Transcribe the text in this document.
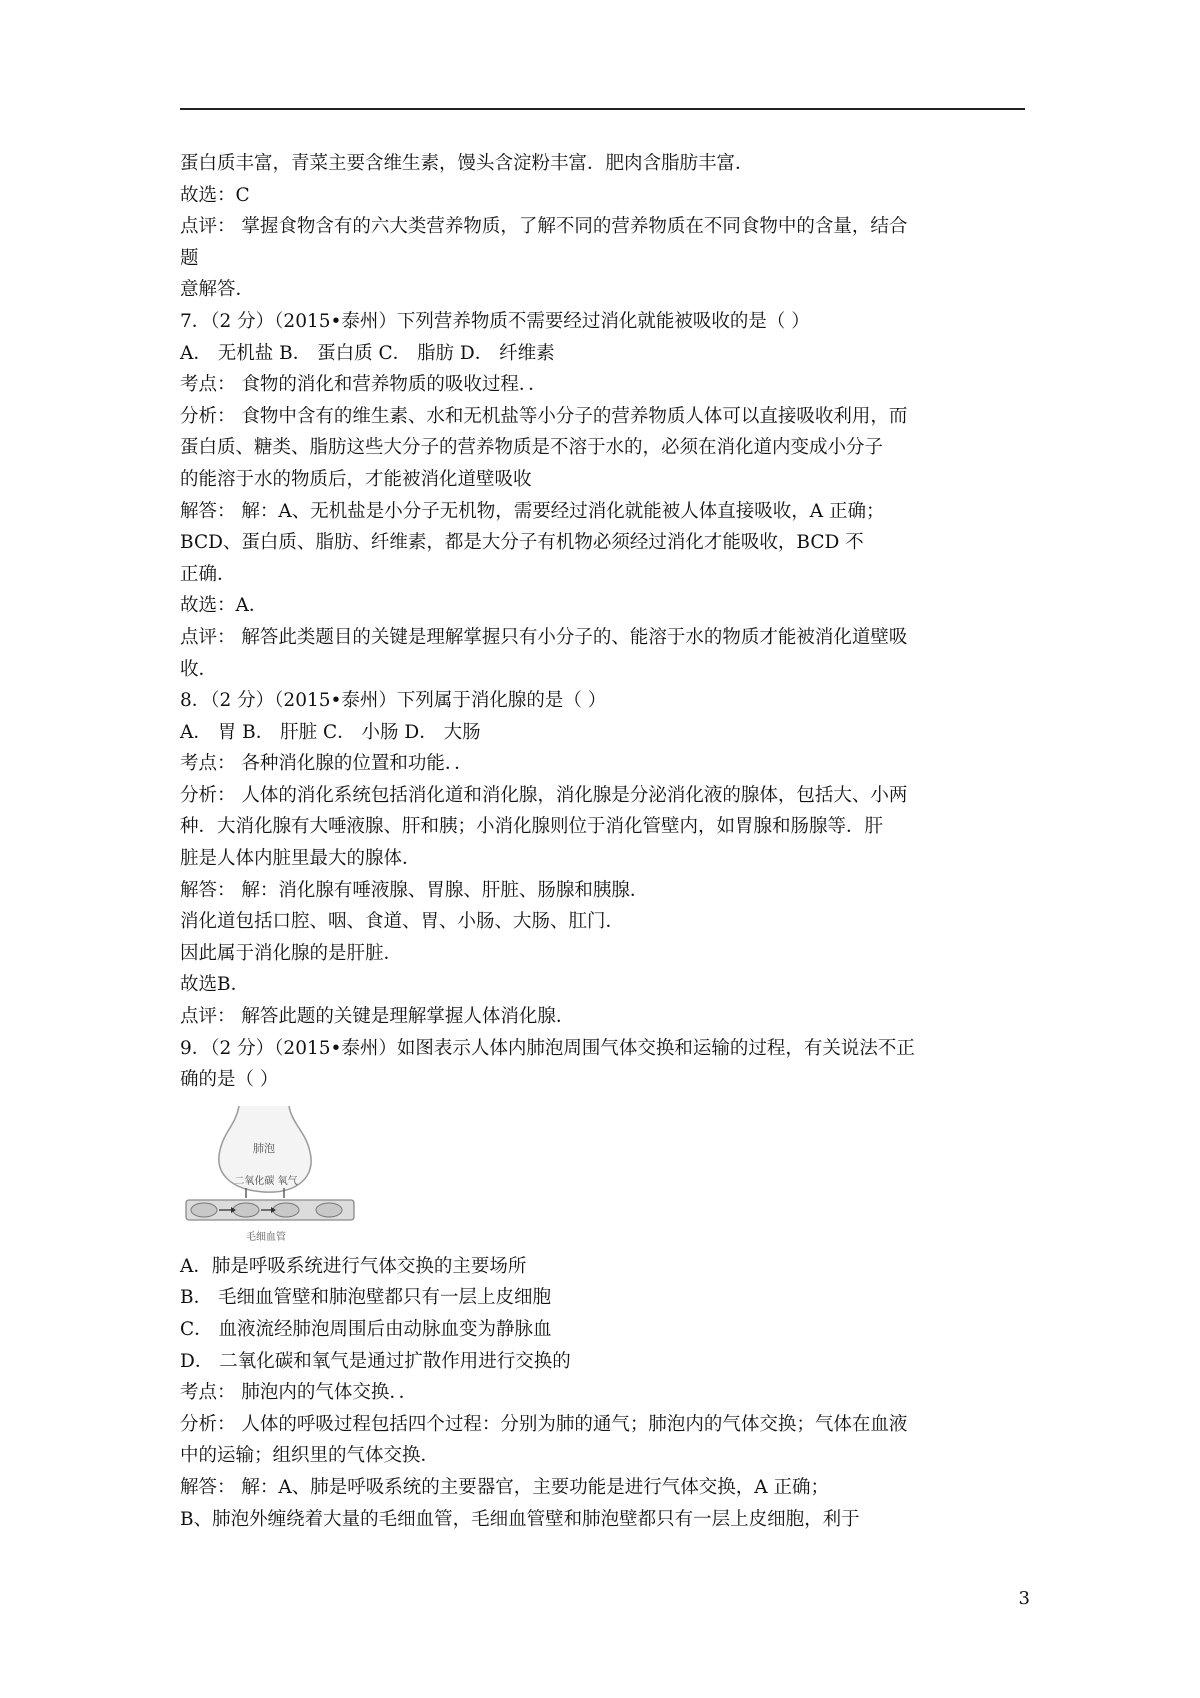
蛋白质丰富，青菜主要含维生素，馒头含淀粉丰富．肥肉含脂肪丰富．
故选：C
点评： 掌握食物含有的六大类营养物质，了解不同的营养物质在不同食物中的含量，结合
题
意解答．
7．（2 分）（2015•泰州）下列营养物质不需要经过消化就能被吸收的是（ ）
A． 无机盐 B． 蛋白质 C． 脂肪 D． 纤维素
考点： 食物的消化和营养物质的吸收过程．．
分析： 食物中含有的维生素、水和无机盐等小分子的营养物质人体可以直接吸收利用，而
蛋白质、糖类、脂肪这些大分子的营养物质是不溶于水的，必须在消化道内变成小分子
的能溶于水的物质后，才能被消化道壁吸收
解答： 解：A、无机盐是小分子无机物，需要经过消化就能被人体直接吸收，A 正确；
BCD、蛋白质、脂肪、纤维素，都是大分子有机物必须经过消化才能吸收，BCD 不
正确．
故选：A．
点评： 解答此类题目的关键是理解掌握只有小分子的、能溶于水的物质才能被消化道壁吸
收．
8．（2 分）（2015•泰州）下列属于消化腺的是（ ）
A． 胃 B． 肝脏 C． 小肠 D． 大肠
考点： 各种消化腺的位置和功能．．
分析： 人体的消化系统包括消化道和消化腺，消化腺是分泌消化液的腺体，包括大、小两
种．大消化腺有大唾液腺、肝和胰；小消化腺则位于消化管壁内，如胃腺和肠腺等．肝
脏是人体内脏里最大的腺体．
解答： 解：消化腺有唾液腺、胃腺、肝脏、肠腺和胰腺．
消化道包括口腔、咽、食道、胃、小肠、大肠、肛门．
因此属于消化腺的是肝脏．
故选B．
点评： 解答此题的关键是理解掌握人体消化腺．
9．（2 分）（2015•泰州）如图表示人体内肺泡周围气体交换和运输的过程，有关说法不正
确的是（ ）
肺泡
二氧化碳 氧气
毛细血管
A．肺是呼吸系统进行气体交换的主要场所
B． 毛细血管壁和肺泡壁都只有一层上皮细胞
C． 血液流经肺泡周围后由动脉血变为静脉血
D． 二氧化碳和氧气是通过扩散作用进行交换的
考点： 肺泡内的气体交换．．
分析： 人体的呼吸过程包括四个过程：分别为肺的通气；肺泡内的气体交换；气体在血液
中的运输；组织里的气体交换．
解答： 解：A、肺是呼吸系统的主要器官，主要功能是进行气体交换，A 正确；
B、肺泡外缠绕着大量的毛细血管，毛细血管壁和肺泡壁都只有一层上皮细胞，利于
3
